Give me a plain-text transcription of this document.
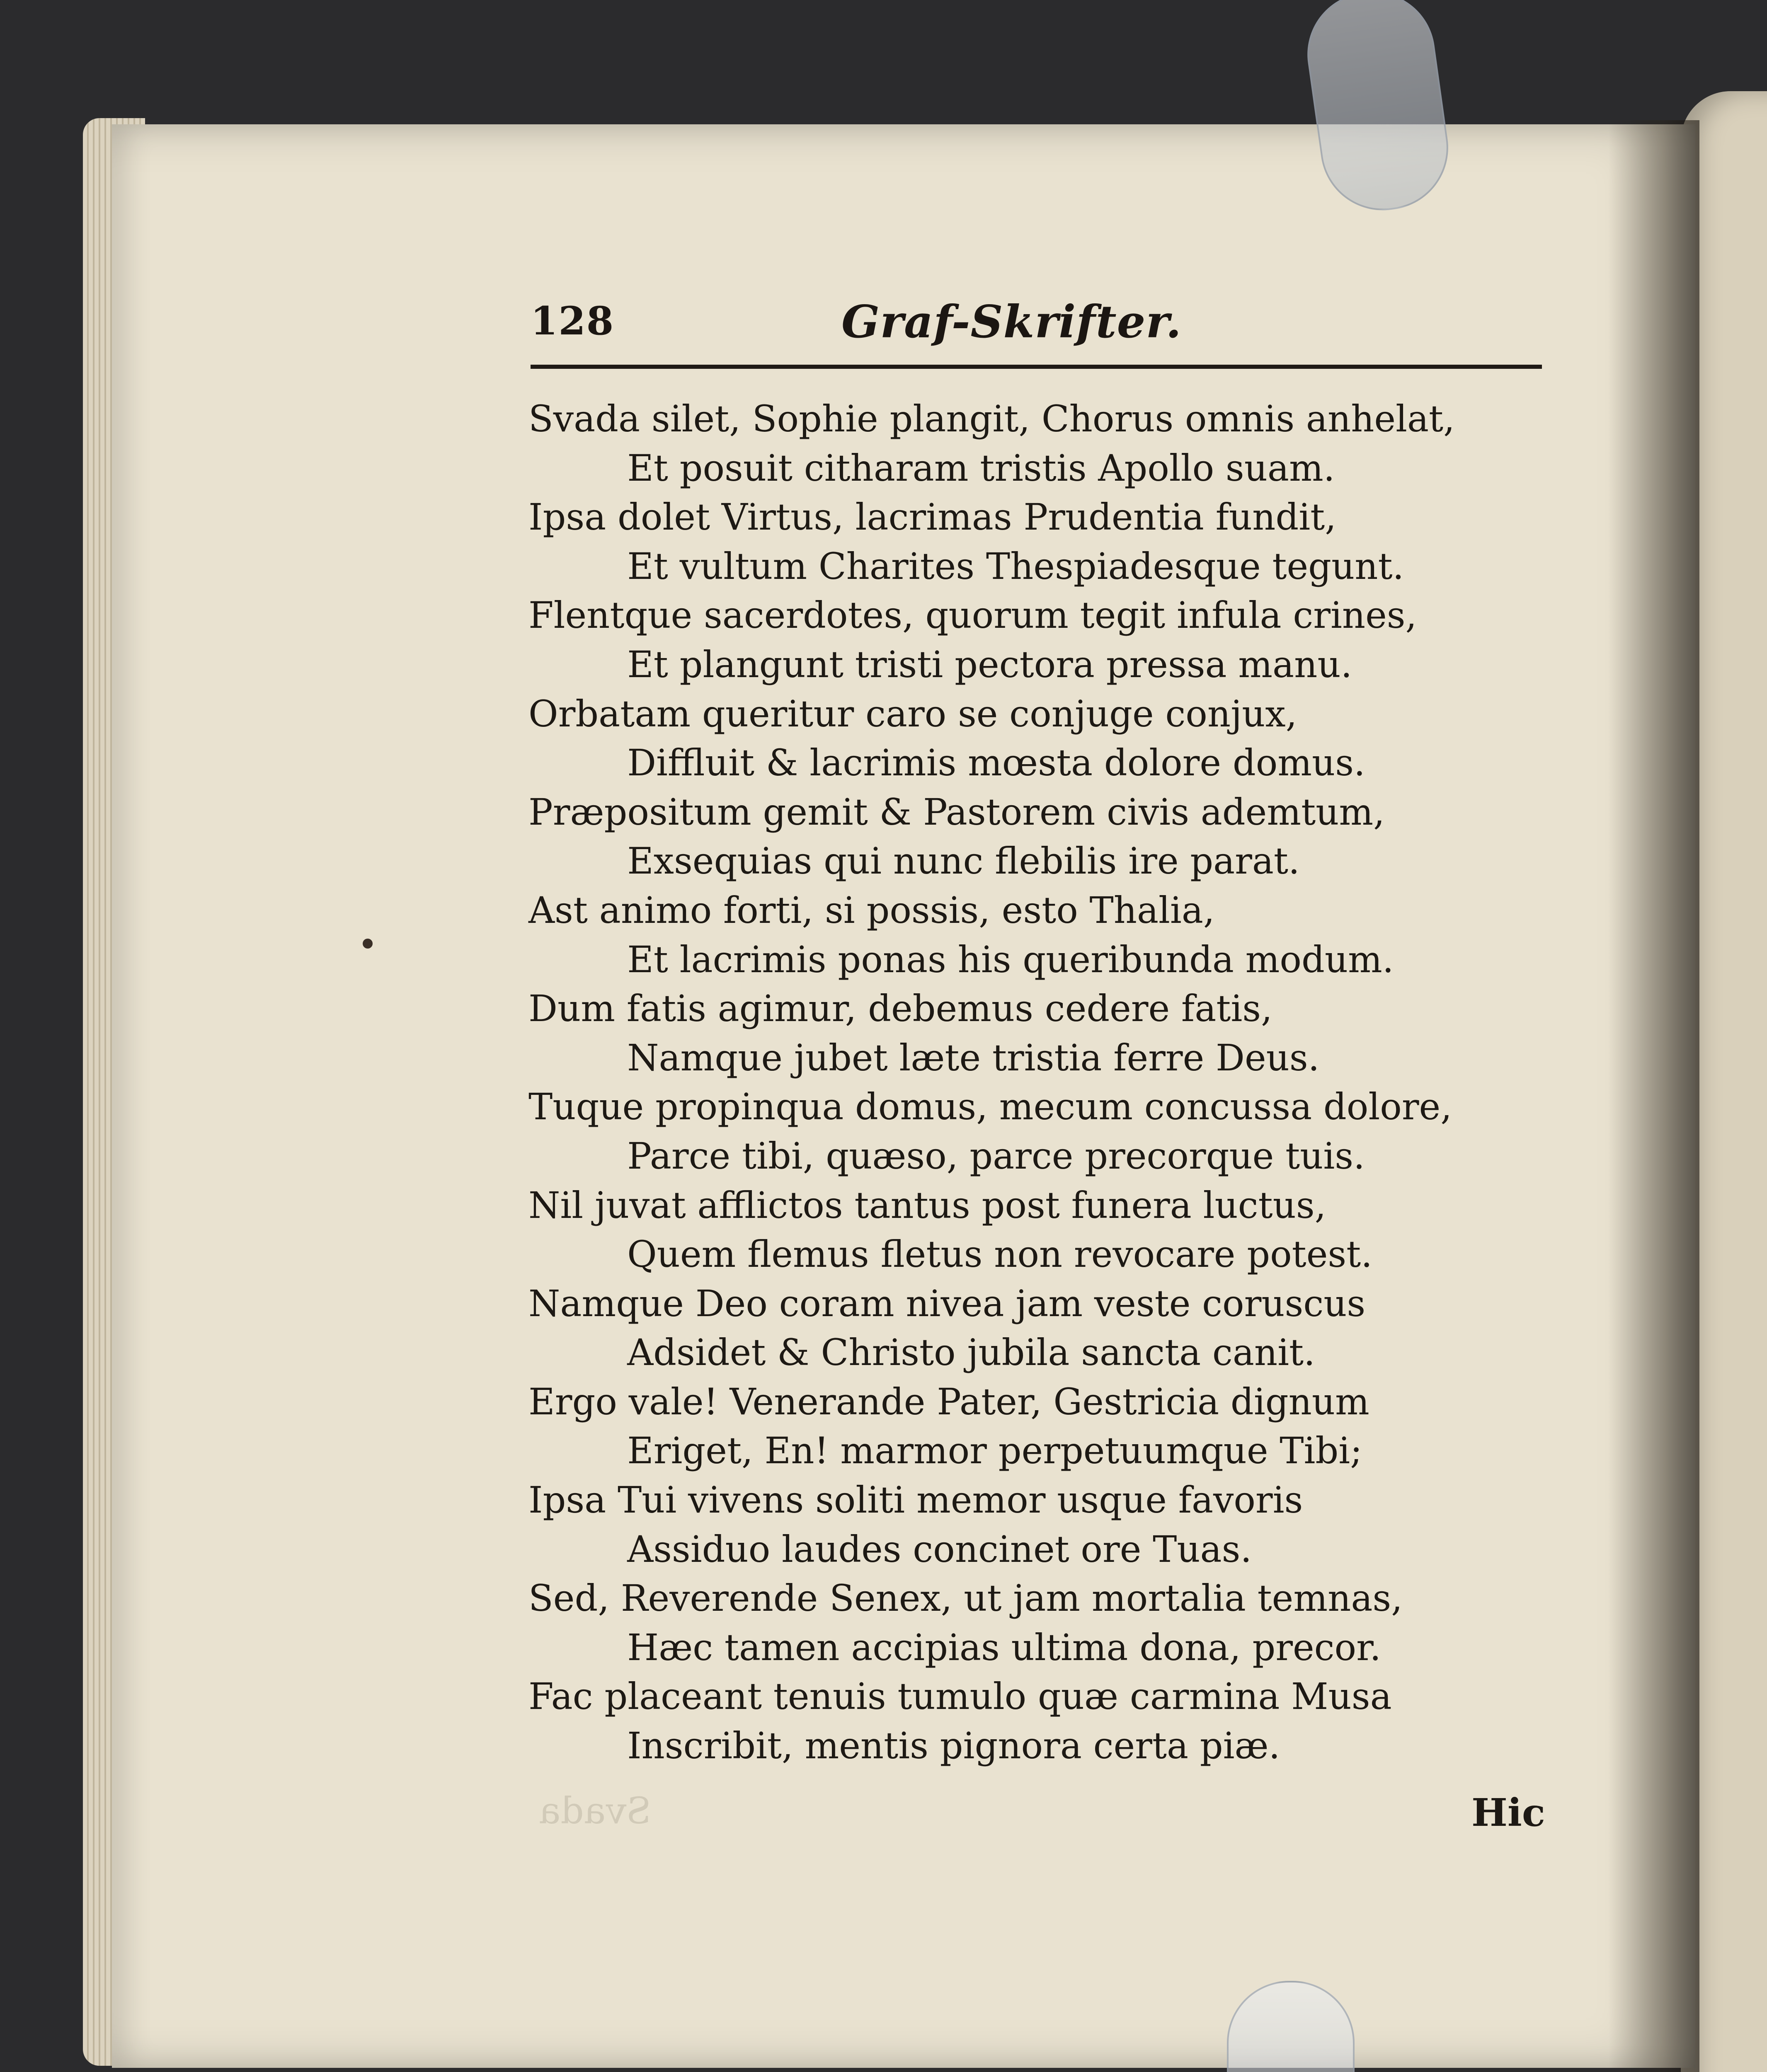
128	Graf-Skrifter.
Svada silet, Sophie plangit, Chorus omnis anhelat,
Et posuit citharam tristis Apollo suam.
Ipsa dolet Virtus, lacrimas Prudentia fundit,
Et vultum Charites Thespiadesque tegunt.
Flentque sacerdotes, quorum tegit infula crines,
Et plangunt tristi pectora pressa manu.
Orbatam queritur caro se conjuge conjux,
Diffluit & lacrimis mœsta dolore domus.
Præpositum gemit & Pastorem civis ademtum,
Exsequias qui nunc flebilis ire parat.
Ast animo forti, si possis, esto Thalia,
Et lacrimis ponas his queribunda modum.
Dum fatis agimur, debemus cedere fatis,
Namque jubet læte tristia ferre Deus.
Tuque propinqua domus, mecum concussa dolore,
Parce tibi, quæso, parce precorque tuis.
Nil juvat afflictos tantus post funera luctus,
Quem flemus fletus non revocare potest.
Namque Deo coram nivea jam veste coruscus
Adsidet & Christo jubila sancta canit.
Ergo vale! Venerande Pater, Gestricia dignum
Eriget, En! marmor perpetuumque Tibi;
Ipsa Tui vivens soliti memor usque favoris
Assiduo laudes concinet ore Tuas.
Sed, Reverende Senex, ut jam mortalia temnas,
Hæc tamen accipias ultima dona, precor.
Fac placeant tenuis tumulo quæ carmina Musa
Inscribit, mentis pignora certa piæ.
Svada	Hic
